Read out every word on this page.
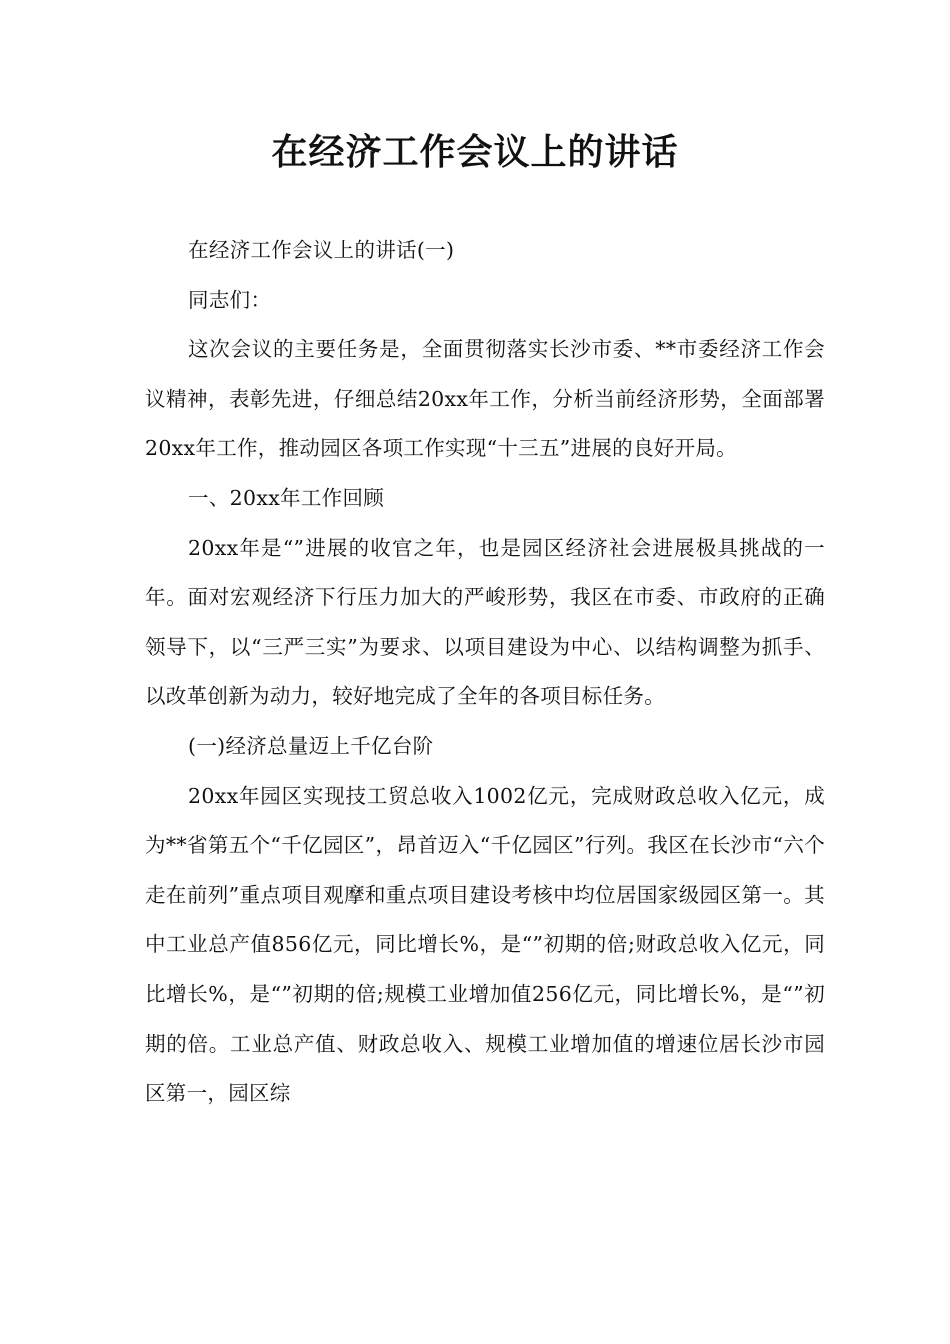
在经济工作会议上的讲话

在经济工作会议上的讲话(一)

同志们：

这次会议的主要任务是，全面贯彻落实长沙市委、**市委经济工作会议精神，表彰先进，仔细总结20xx年工作，分析当前经济形势，全面部署20xx年工作，推动园区各项工作实现“十三五”进展的良好开局。

一、20xx年工作回顾

20xx年是“”进展的收官之年，也是园区经济社会进展极具挑战的一年。面对宏观经济下行压力加大的严峻形势，我区在市委、市政府的正确领导下，以“三严三实”为要求、以项目建设为中心、以结构调整为抓手、以改革创新为动力，较好地完成了全年的各项目标任务。

(一)经济总量迈上千亿台阶

20xx年园区实现技工贸总收入1002亿元，完成财政总收入亿元，成为**省第五个“千亿园区”，昂首迈入“千亿园区”行列。我区在长沙市“六个走在前列”重点项目观摩和重点项目建设考核中均位居国家级园区第一。其中工业总产值856亿元，同比增长%，是“”初期的倍;财政总收入亿元，同比增长%，是“”初期的倍;规模工业增加值256亿元，同比增长%，是“”初期的倍。工业总产值、财政总收入、规模工业增加值的增速位居长沙市园区第一，园区综
